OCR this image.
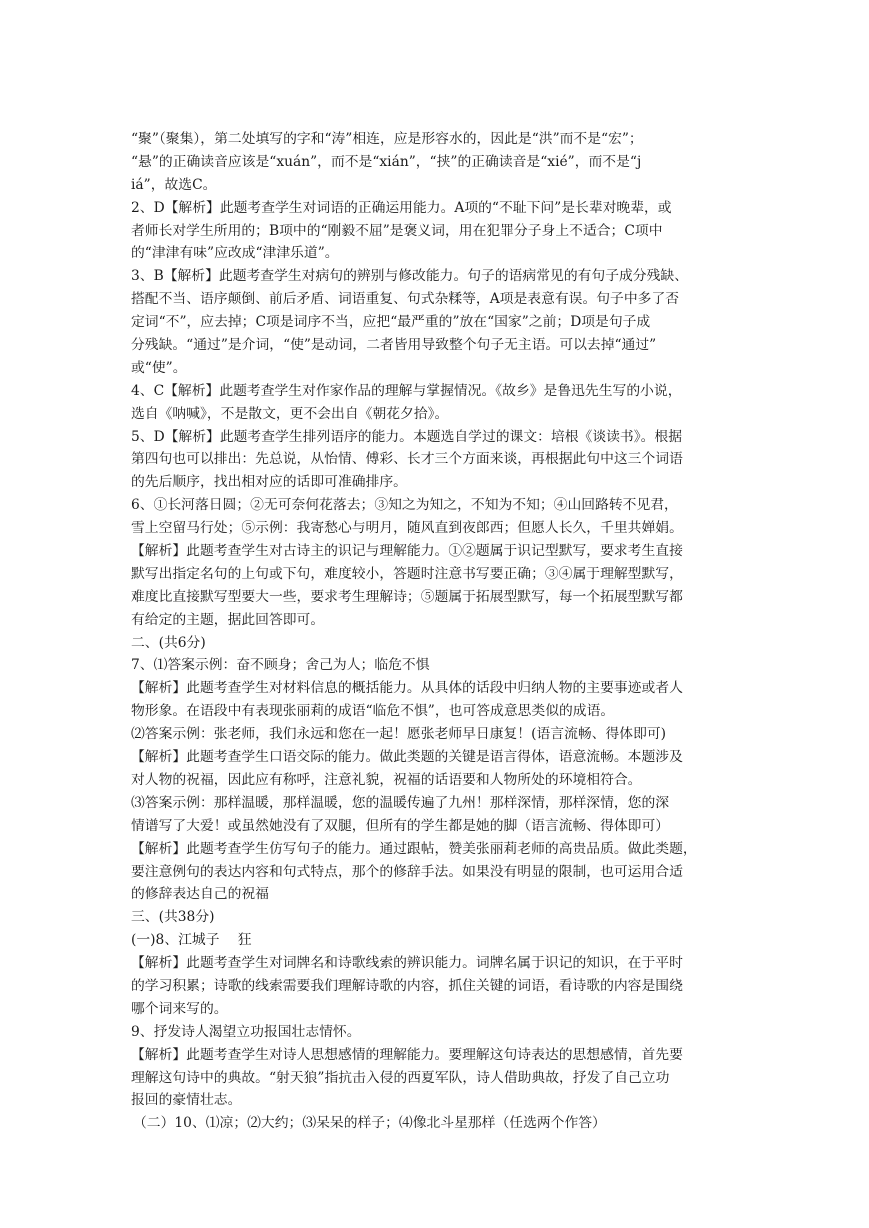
“聚”（聚集），第二处填写的字和“涛”相连，应是形容水的，因此是“洪”而不是“宏”；
“悬”的正确读音应该是“xuán”，而不是“xián”，“挟”的正确读音是“xié”，而不是“j
iá”，故选C。
2、D【解析】此题考查学生对词语的正确运用能力。A项的“不耻下问”是长辈对晚辈，或
者师长对学生所用的；B项中的“刚毅不屈”是褒义词，用在犯罪分子身上不适合；C项中
的“津津有味”应改成“津津乐道”。
3、B【解析】此题考查学生对病句的辨别与修改能力。句子的语病常见的有句子成分残缺、
搭配不当、语序颠倒、前后矛盾、词语重复、句式杂糅等，A项是表意有误。句子中多了否
定词“不”，应去掉；C项是词序不当，应把“最严重的”放在“国家”之前；D项是句子成
分残缺。“通过”是介词，“使”是动词，二者皆用导致整个句子无主语。可以去掉“通过”
或“使”。
4、C【解析】此题考查学生对作家作品的理解与掌握情况。《故乡》是鲁迅先生写的小说，
选自《呐喊》，不是散文，更不会出自《朝花夕拾》。
5、D【解析】此题考查学生排列语序的能力。本题选自学过的课文：培根《谈读书》。根据
第四句也可以排出：先总说，从怡情、傅彩、长才三个方面来谈，再根据此句中这三个词语
的先后顺序，找出相对应的话即可准确排序。
6、①长河落日圆；②无可奈何花落去；③知之为知之，不知为不知；④山回路转不见君，
雪上空留马行处；⑤示例：我寄愁心与明月，随风直到夜郎西；但愿人长久，千里共婵娟。
【解析】此题考查学生对古诗主的识记与理解能力。①②题属于识记型默写，要求考生直接
默写出指定名句的上句或下句，难度较小，答题时注意书写要正确；③④属于理解型默写，
难度比直接默写型要大一些，要求考生理解诗；⑤题属于拓展型默写，每一个拓展型默写都
有给定的主题，据此回答即可。
二、(共6分)
7、⑴答案示例：奋不顾身；舍己为人；临危不惧
【解析】此题考查学生对材料信息的概括能力。从具体的话段中归纳人物的主要事迹或者人
物形象。在语段中有表现张丽莉的成语“临危不惧”，也可答成意思类似的成语。
⑵答案示例：张老师，我们永远和您在一起！愿张老师早日康复！(语言流畅、得体即可)
【解析】此题考查学生口语交际的能力。做此类题的关键是语言得体，语意流畅。本题涉及
对人物的祝福，因此应有称呼，注意礼貌，祝福的话语要和人物所处的环境相符合。
⑶答案示例：那样温暖，那样温暖，您的温暖传遍了九州！那样深情，那样深情，您的深
情谱写了大爱！或虽然她没有了双腿，但所有的学生都是她的脚（语言流畅、得体即可）
【解析】此题考查学生仿写句子的能力。通过跟帖，赞美张丽莉老师的高贵品质。做此类题，
要注意例句的表达内容和句式特点，那个的修辞手法。如果没有明显的限制，也可运用合适
的修辞表达自己的祝福
三、(共38分)
(一)8、江城子　 狂
【解析】此题考查学生对词牌名和诗歌线索的辨识能力。词牌名属于识记的知识，在于平时
的学习积累；诗歌的线索需要我们理解诗歌的内容，抓住关键的词语，看诗歌的内容是围绕
哪个词来写的。
9、抒发诗人渴望立功报国壮志情怀。
【解析】此题考查学生对诗人思想感情的理解能力。要理解这句诗表达的思想感情，首先要
理解这句诗中的典故。“射天狼”指抗击入侵的西夏军队，诗人借助典故，抒发了自己立功
报回的豪情壮志。
（二）10、⑴凉；⑵大约；⑶呆呆的样子；⑷像北斗星那样（任选两个作答）
